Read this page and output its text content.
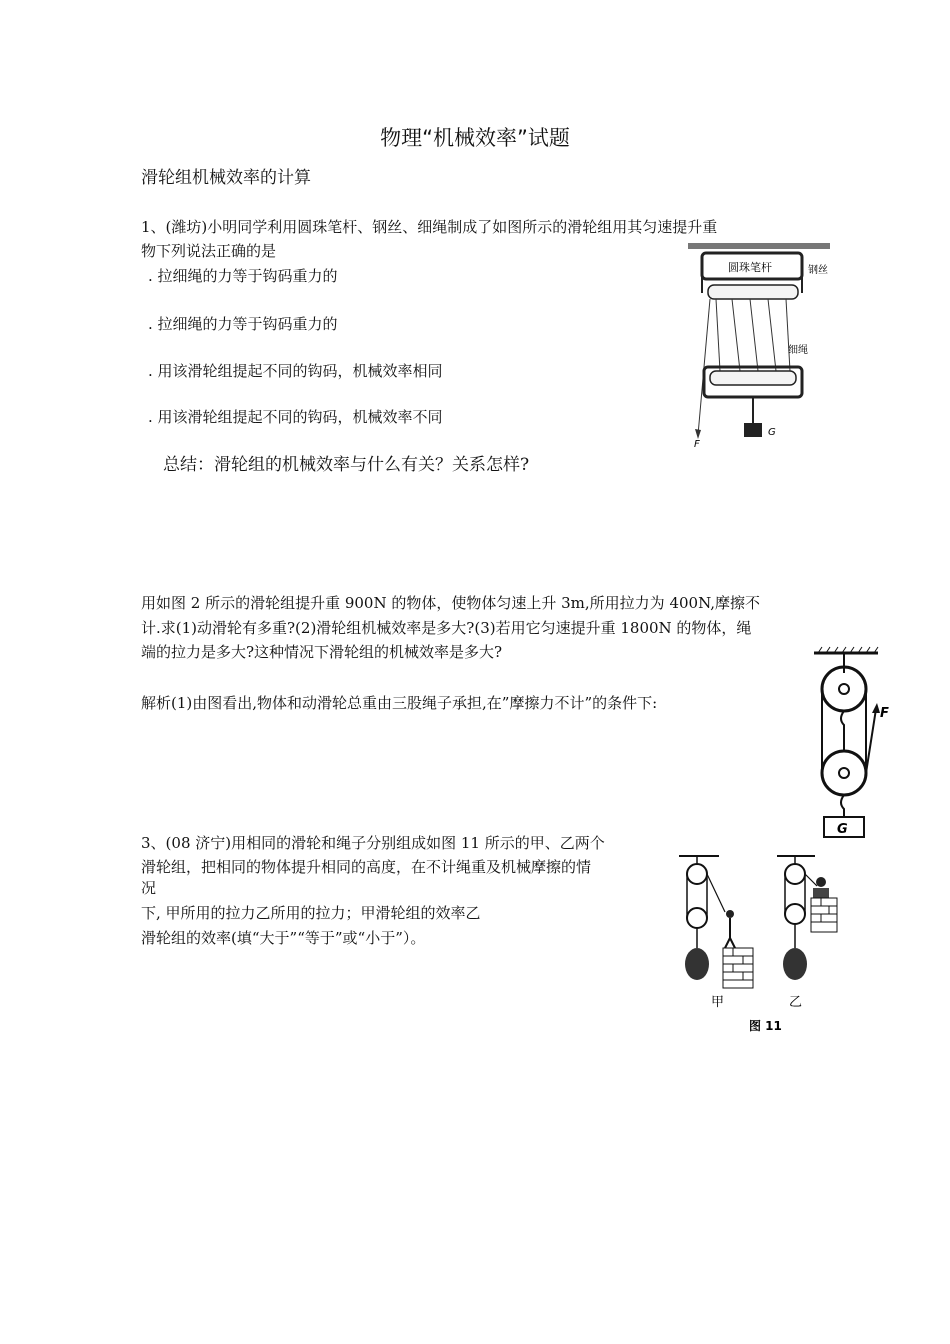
物理“机械效率”试题
滑轮组机械效率的计算
1、(潍坊)小明同学利用圆珠笔杆、钢丝、细绳制成了如图所示的滑轮组用其匀速提升重
物下列说法正确的是
. 拉细绳的力等于钩码重力的
. 拉细绳的力等于钩码重力的
. 用该滑轮组提起不同的钩码，机械效率相同
. 用该滑轮组提起不同的钩码，机械效率不同
总结：滑轮组的机械效率与什么有关？关系怎样?
圆珠笔杆	钢丝
F
细绳
G
用如图 2 所示的滑轮组提升重 900N 的物体，使物体匀速上升 3m,所用拉力为 400N,摩擦不
计.求(1)动滑轮有多重?(2)滑轮组机械效率是多大?(3)若用它匀速提升重 1800N 的物体，绳
端的拉力是多大?这种情况下滑轮组的机械效率是多大?
解析(1)由图看出,物体和动滑轮总重由三股绳子承担,在”摩擦力不计”的条件下:
F
G
3、(08 济宁)用相同的滑轮和绳子分别组成如图 11 所示的甲、乙两个
滑轮组，把相同的物体提升相同的高度，在不计绳重及机械摩擦的情
况
下, 甲所用的拉力乙所用的拉力；甲滑轮组的效率乙
滑轮组的效率(填“大于”“等于”或“小于”）。
甲	乙
图 11
